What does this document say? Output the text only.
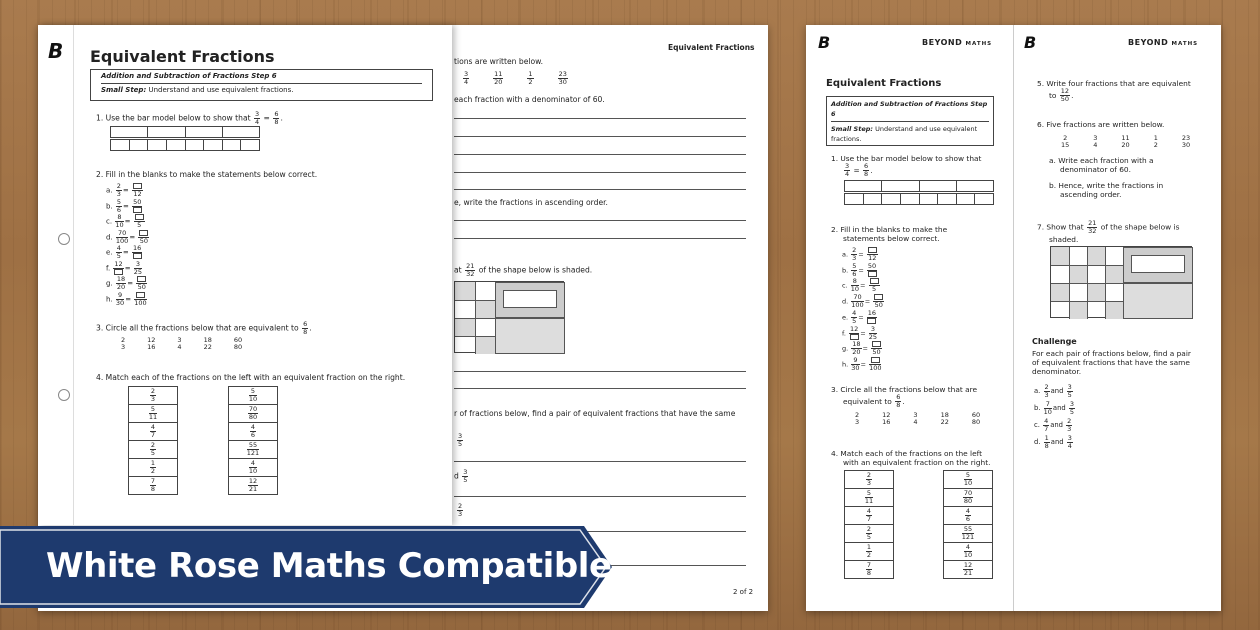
Equivalent Fractions
tions are written below.
3
4
11
20
1
2
23
30
each fraction with a denominator of 60.
e, write the fractions in ascending order.
at $\frac{21}{32}$ of the shape below is shaded.
r of fractions below, find a pair of equivalent fractions that have the same
3
5
d $\frac{3}{5}$
2
3
2 of 2
B Equivalent Fractions
Addition and Subtraction of Fractions Step 6
Small Step: Understand and use equivalent fractions.
1. Use the bar model below to show that $\frac{3}{4} = \frac{6}{8}$ .
2. Fill in the blanks to make the statements below correct.
a. $\frac{2}{3} = 12$
b. $\frac{5}{6}$ =
50
c. $\frac{8}{10} = 5$
d. $\frac{70}{100} = 50$
e. $\frac{4}{5}$ =
16
f.
12
= $\frac{3}{25}$
g. $\frac{18}{20} = 50$
h. $\frac{9}{30} = 100$
3. Circle all the fractions below that are equivalent to $\frac{6}{8}$ .
2
3
12
16
3
4
18
22
60
80
4. Match each of the fractions on the left with an equivalent fraction on the right.
$\frac{2}{3}$

$\frac{5}{11}$

$\frac{4}{7}$

$\frac{2}{5}$

$\frac{1}{2}$

$\frac{7}{8}$
$\frac{5}{10}$

$\frac{70}{80}$

$\frac{4}{6}$

$\frac{55}{121}$

$\frac{4}{10}$

$\frac{12}{21}$
B	BEYOND MATHS B	BEYOND MATHS
Equivalent Fractions
Addition and Subtraction of Fractions Step 6
Small Step: Understand and use equivalent fractions.
1. Use the bar model below to show that

$\frac{3}{4} = \frac{6}{8}$ .
2. Fill in the blanks to make the
statements below correct.
a. $\frac{2}{3} = 12$
b. $\frac{5}{6}$ =
50
c. $\frac{8}{10} = 5$
d. $\frac{70}{100} = 50$
e. $\frac{4}{5}$ =
16
f.
12
= $\frac{3}{25}$
g. $\frac{18}{20} = 50$
h. $\frac{9}{30} = 100$
3. Circle all the fractions below that are
equivalent to $\frac{6}{8}$ .
2
3
12
16
3
4
18
22
60
80
4. Match each of the fractions on the left
with an equivalent fraction on the right.
$\frac{2}{3}$

$\frac{5}{11}$

$\frac{4}{7}$

$\frac{2}{5}$

$\frac{1}{2}$

$\frac{7}{8}$
$\frac{5}{10}$

$\frac{70}{80}$

$\frac{4}{6}$

$\frac{55}{121}$

$\frac{4}{10}$

$\frac{12}{21}$
5. Write four fractions that are equivalent
to $\frac{12}{50}$ .
6. Five fractions are written below.
2
15
3
4
11
20
1
2
23
30
a. Write each fraction with a
denominator of 60.
b. Hence, write the fractions in
ascending order.
7. Show that $\frac{21}{32}$ of the shape below is
shaded.
Challenge
For each pair of fractions below, find a pair
of equivalent fractions that have the same
denominator.
a. $\frac{2}{3}$ and $\frac{3}{5}$
b. $\frac{7}{10}$ and $\frac{3}{5}$
c. $\frac{4}{7}$ and $\frac{2}{3}$
d. $\frac{1}{8}$ and $\frac{3}{4}$
White Rose Maths Compatible
